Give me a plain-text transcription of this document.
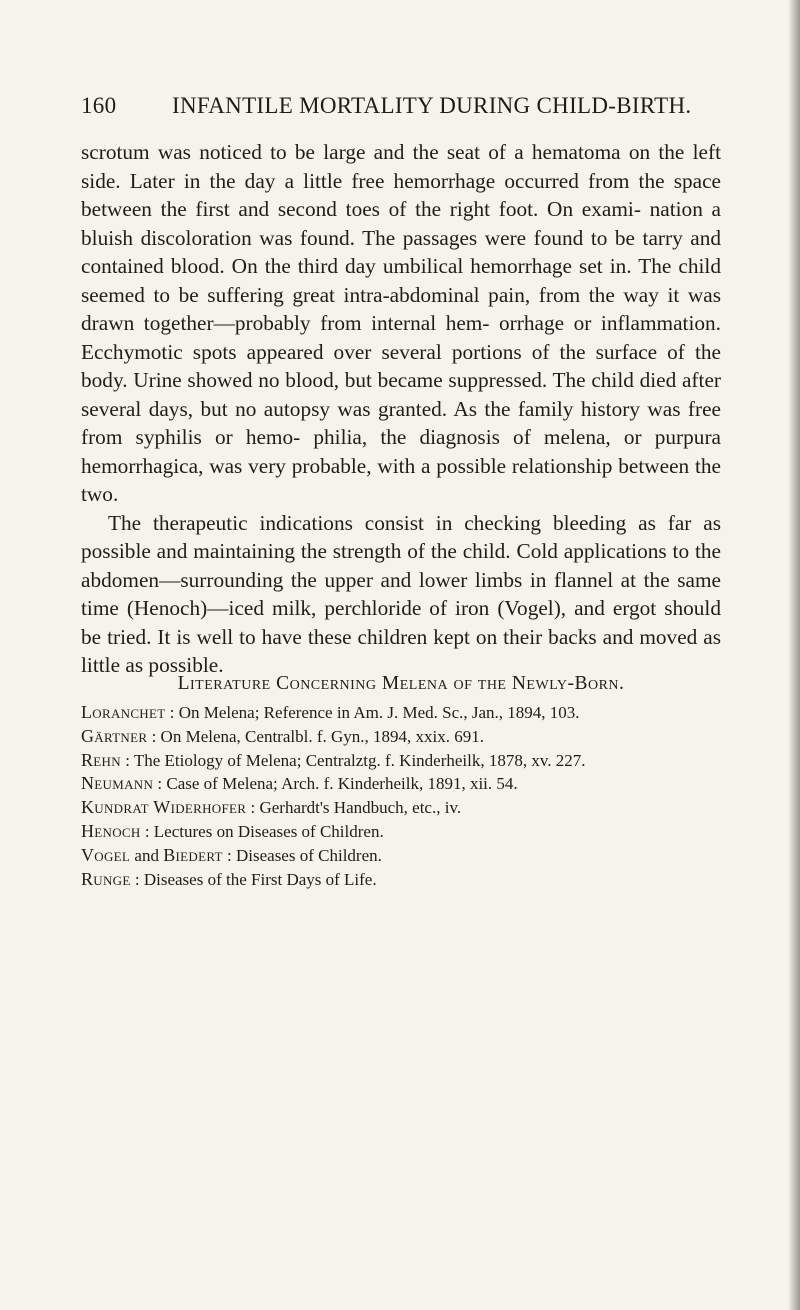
160 INFANTILE MORTALITY DURING CHILD-BIRTH.

scrotum was noticed to be large and the seat of a hematoma on the left side. Later in the day a little free hemorrhage occurred from the space between the first and second toes of the right foot. On exami- nation a bluish discoloration was found. The passages were found to be tarry and contained blood. On the third day umbilical hemorrhage set in. The child seemed to be suffering great intra-abdominal pain, from the way it was drawn together—probably from internal hem- orrhage or inflammation. Ecchymotic spots appeared over several portions of the surface of the body. Urine showed no blood, but became suppressed. The child died after several days, but no autopsy was granted. As the family history was free from syphilis or hemo- philia, the diagnosis of melena, or purpura hemorrhagica, was very probable, with a possible relationship between the two.

The therapeutic indications consist in checking bleeding as far as possible and maintaining the strength of the child. Cold applications to the abdomen—surrounding the upper and lower limbs in flannel at the same time (Henoch)—iced milk, perchloride of iron (Vogel), and ergot should be tried. It is well to have these children kept on their backs and moved as little as possible.

Literature Concerning Melena of the Newly-Born.
Loranchet : On Melena; Reference in Am. J. Med. Sc., Jan., 1894, 103.
Gärtner : On Melena, Centralbl. f. Gyn., 1894, xxix. 691.
Rehn : The Etiology of Melena; Centralztg. f. Kinderheilk, 1878, xv. 227.
Neumann : Case of Melena; Arch. f. Kinderheilk, 1891, xii. 54.
Kundrat Widerhofer : Gerhardt's Handbuch, etc., iv.
Henoch : Lectures on Diseases of Children.
Vogel and Biedert : Diseases of Children.
Runge : Diseases of the First Days of Life.
